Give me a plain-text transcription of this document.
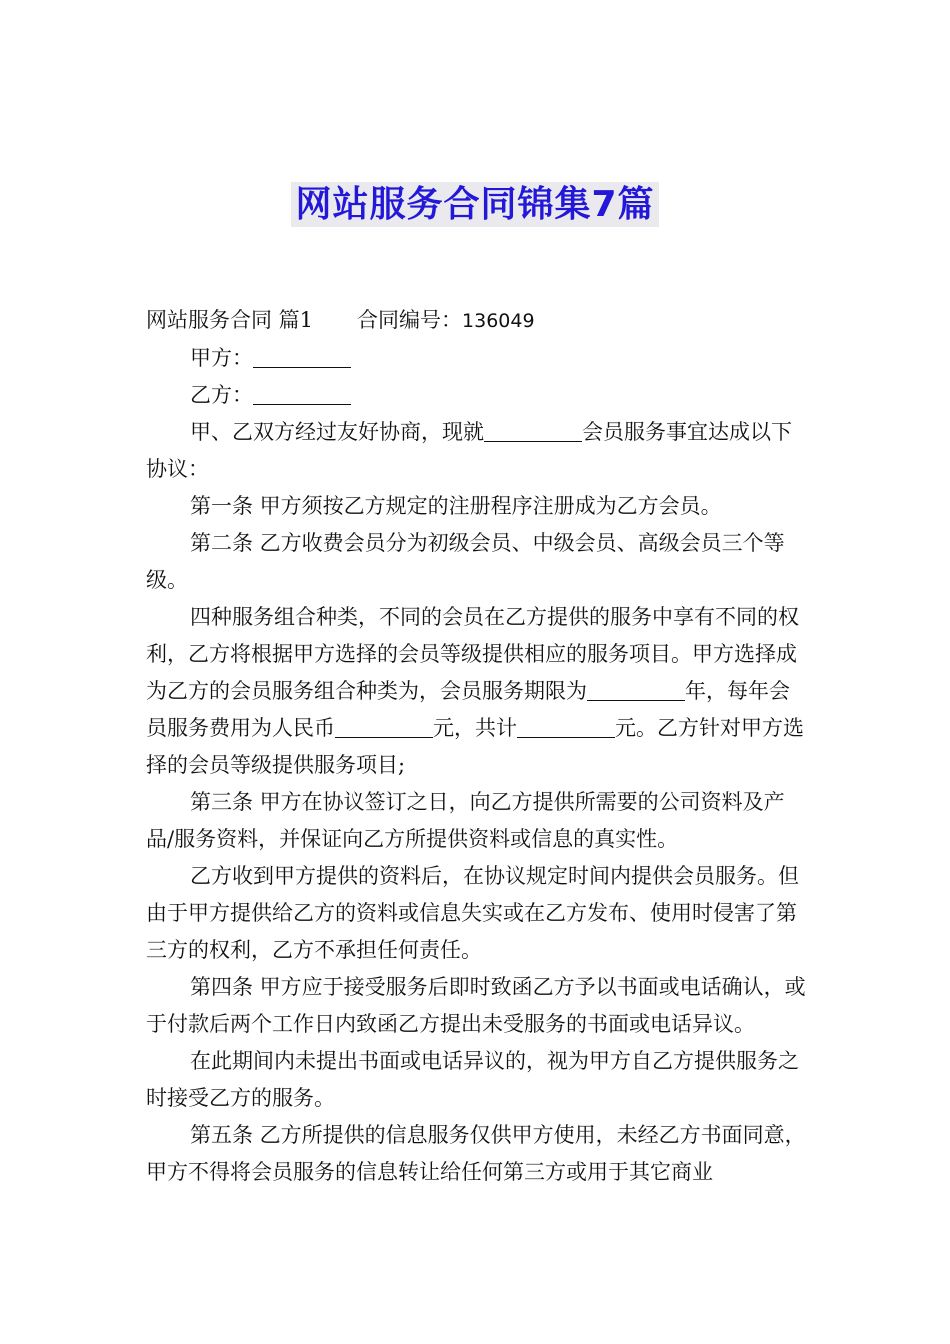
网站服务合同锦集7篇

网站服务合同 篇1 合同编号：136049

甲方：

乙方：

甲、乙双方经过友好协商，现就	会员服务事宜达成以下协议：

第一条 甲方须按乙方规定的注册程序注册成为乙方会员。

第二条 乙方收费会员分为初级会员、中级会员、高级会员三个等级。

四种服务组合种类，不同的会员在乙方提供的服务中享有不同的权利，乙方将根据甲方选择的会员等级提供相应的服务项目。甲方选择成为乙方的会员服务组合种类为，会员服务期限为	年，每年会员服务费用为人民币	元，共计	元。乙方针对甲方选择的会员等级提供服务项目;

第三条 甲方在协议签订之日，向乙方提供所需要的公司资料及产品/服务资料，并保证向乙方所提供资料或信息的真实性。

乙方收到甲方提供的资料后，在协议规定时间内提供会员服务。但由于甲方提供给乙方的资料或信息失实或在乙方发布、使用时侵害了第三方的权利，乙方不承担任何责任。

第四条 甲方应于接受服务后即时致函乙方予以书面或电话确认，或于付款后两个工作日内致函乙方提出未受服务的书面或电话异议。

在此期间内未提出书面或电话异议的，视为甲方自乙方提供服务之时接受乙方的服务。

第五条 乙方所提供的信息服务仅供甲方使用，未经乙方书面同意，甲方不得将会员服务的信息转让给任何第三方或用于其它商业
